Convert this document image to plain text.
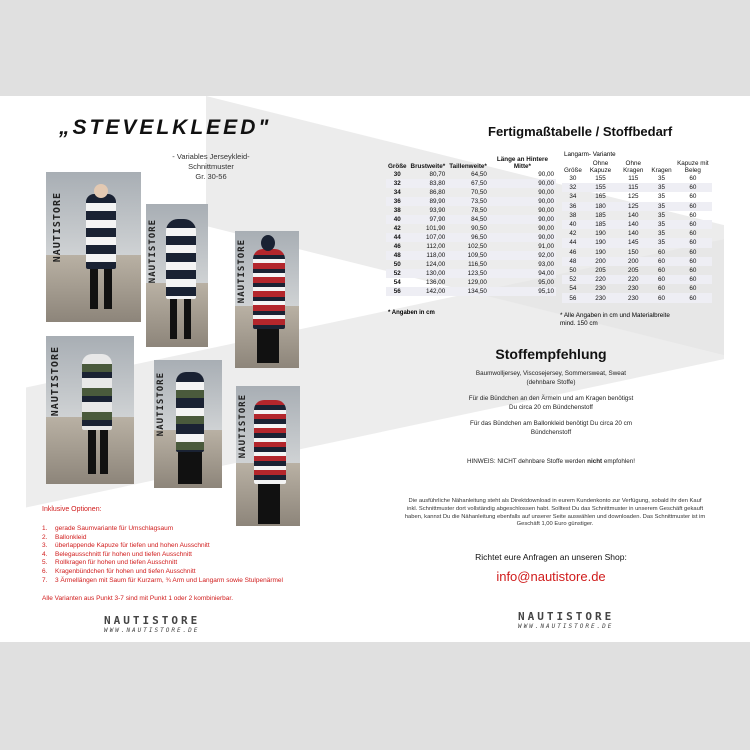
„STEVELKLEED"
- Variables Jerseykleid-
Schnittmuster
Gr. 30-56
NAUTISTORE	NAUTISTORE	NAUTISTORE
NAUTISTORE	NAUTISTORE	NAUTISTORE
Inklusive Optionen:
1. gerade Saumvariante für Umschlagsaum
2. Ballonkleid
3. überlappende Kapuze für tiefen und hohen Ausschnitt
4. Belegausschnitt für hohen und tiefen Ausschnitt
5. Rollkragen für hohen und tiefen Ausschnitt
6. Kragenbündchen für hohen und tiefen Ausschnitt
7. 3 Ärmellängen mit Saum für Kurzarm, ¾ Arm und Langarm sowie Stulpenärmel
Alle Varianten aus Punkt 3-7 sind mit Punkt 1 oder 2 kombinierbar.
NAUTISTORE
WWW.NAUTISTORE.DE
Fertigmaßtabelle / Stoffbedarf
Größe	Brustweite*	Taillenweite*	Länge an Hintere Mitte*
30	80,70	64,50	90,00
32	83,80	67,50	90,00
34	86,80	70,50	90,00
36	89,90	73,50	90,00
38	93,90	78,50	90,00
40	97,90	84,50	90,00
42	101,90	90,50	90,00
44	107,00	96,50	90,00
46	112,00	102,50	91,00
48	118,00	109,50	92,00
50	124,00	116,50	93,00
52	130,00	123,50	94,00
54	136,00	129,00	95,00
56	142,00	134,50	95,10
* Angaben in cm
Langarm- Variante
Größe	Ohne Kapuze	Ohne Kragen	Kragen	Kapuze mit Beleg
30	155	115	35	60
32	155	115	35	60
34	165	125	35	60
36	180	125	35	60
38	185	140	35	60
40	185	140	35	60
42	190	140	35	60
44	190	145	35	60
46	190	150	60	60
48	200	200	60	60
50	205	205	60	60
52	220	220	60	60
54	230	230	60	60
56	230	230	60	60
* Alle Angaben in cm und Materialbreite
mind. 150 cm
Stoffempfehlung
Baumwolljersey, Viscosejersey, Sommersweat, Sweat
(dehnbare Stoffe)
Für die Bündchen an den Ärmeln und am Kragen benötigst
Du circa 20 cm Bündchenstoff
Für das Bündchen am Ballonkleid benötigt Du circa 20 cm
Bündchenstoff
HINWEIS: NICHT dehnbare Stoffe werden nicht empfohlen!
Die ausführliche Nähanleitung steht als Direktdownload in eurem Kundenkonto zur Verfügung, sobald ihr den Kauf
inkl. Schnittmuster dort vollständig abgeschlossen habt. Solltest Du das Schnittmuster in unserem Geschäft gekauft
haben, kannst Du die Nähanleitung ebenfalls auf unserer Seite auswählen und downloaden. Das Schnittmuster ist im
Geschäft 1,00 Euro günstiger.
Richtet eure Anfragen an unseren Shop:
info@nautistore.de
NAUTISTORE
WWW.NAUTISTORE.DE
